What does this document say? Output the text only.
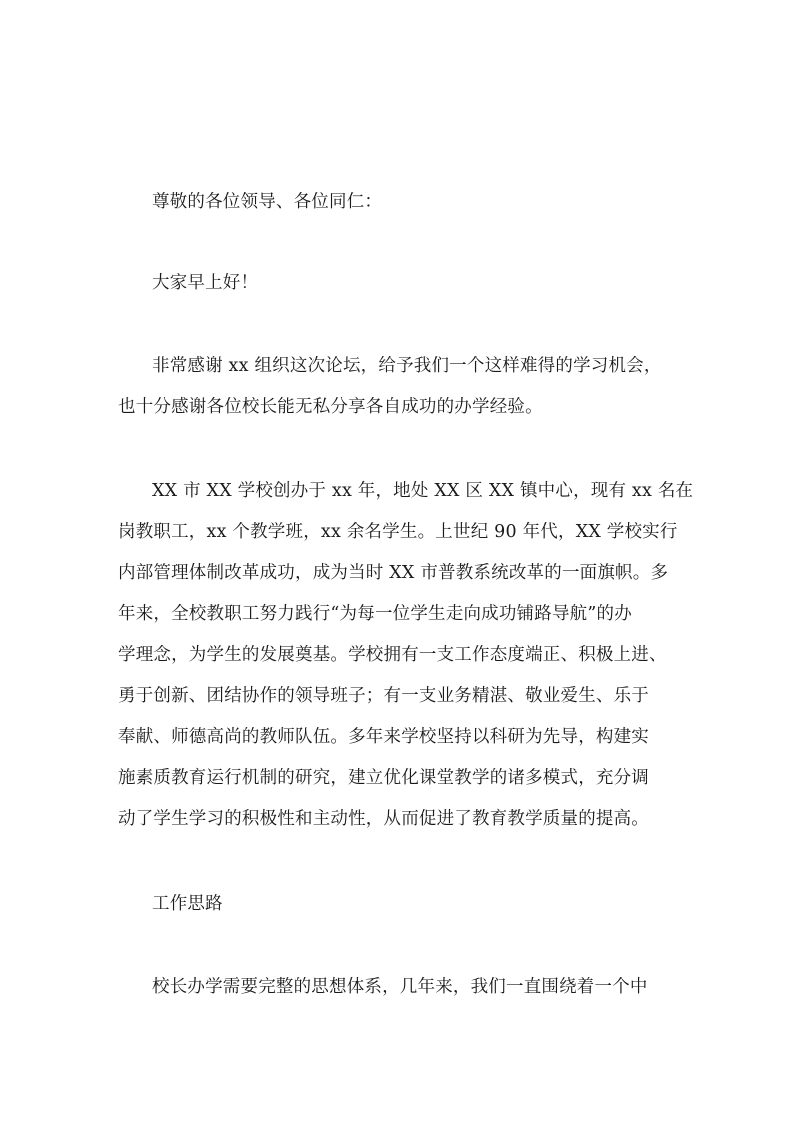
尊敬的各位领导、各位同仁：
大家早上好！
非常感谢 xx 组织这次论坛，给予我们一个这样难得的学习机会，
也十分感谢各位校长能无私分享各自成功的办学经验。
XX 市 XX 学校创办于 xx 年，地处 XX 区 XX 镇中心，现有 xx 名在
岗教职工，xx 个教学班，xx 余名学生。上世纪 90 年代，XX 学校实行
内部管理体制改革成功，成为当时 XX 市普教系统改革的一面旗帜。多
年来，全校教职工努力践行“为每一位学生走向成功铺路导航”的办
学理念，为学生的发展奠基。学校拥有一支工作态度端正、积极上进、
勇于创新、团结协作的领导班子；有一支业务精湛、敬业爱生、乐于
奉献、师德高尚的教师队伍。多年来学校坚持以科研为先导，构建实
施素质教育运行机制的研究，建立优化课堂教学的诸多模式，充分调
动了学生学习的积极性和主动性，从而促进了教育教学质量的提高。
工作思路
校长办学需要完整的思想体系，几年来，我们一直围绕着一个中
